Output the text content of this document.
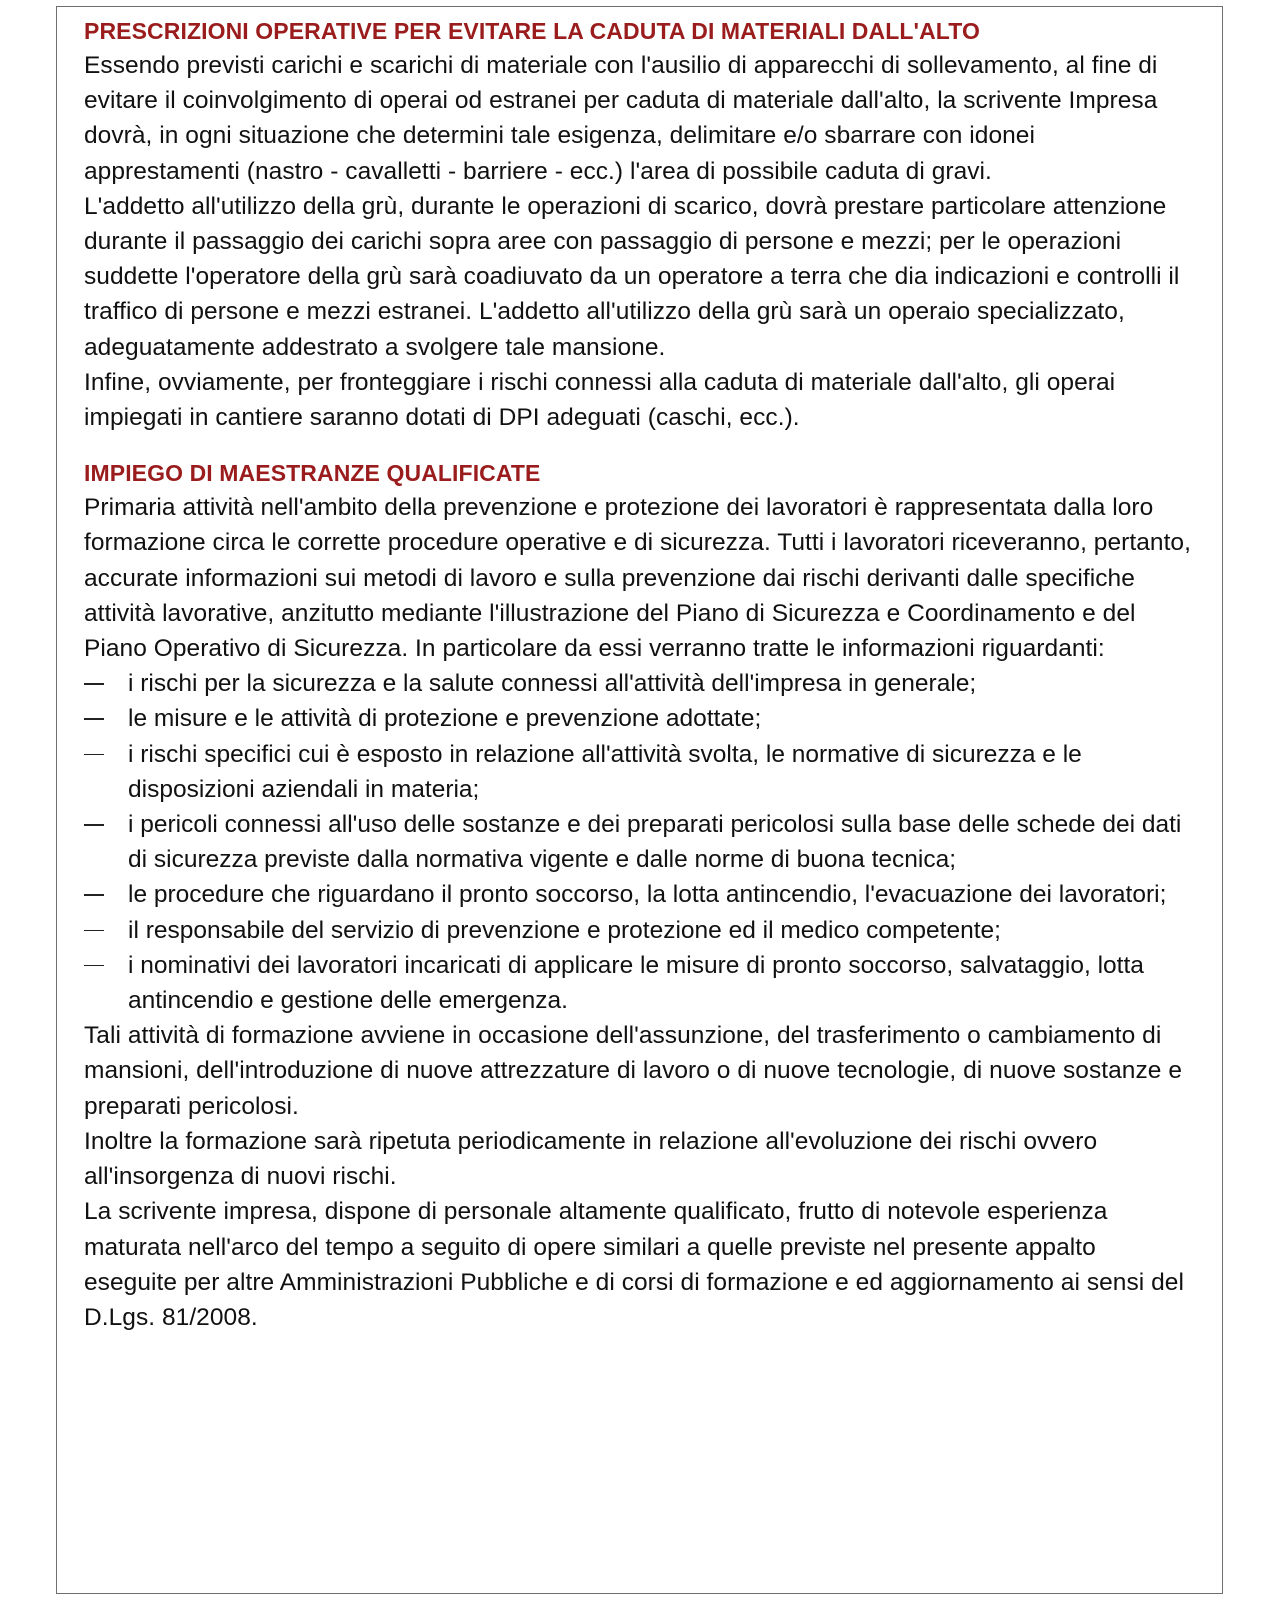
PRESCRIZIONI OPERATIVE PER EVITARE LA CADUTA DI MATERIALI DALL'ALTO

Essendo previsti carichi e scarichi di materiale con l'ausilio di apparecchi di sollevamento, al fine di evitare il coinvolgimento di operai od estranei per caduta di materiale dall'alto, la scrivente Impresa dovrà, in ogni situazione che determini tale esigenza, delimitare e/o sbarrare con idonei apprestamenti (nastro - cavalletti - barriere - ecc.) l'area di possibile caduta di gravi.

L'addetto all'utilizzo della grù, durante le operazioni di scarico, dovrà prestare particolare attenzione durante il passaggio dei carichi sopra aree con passaggio di persone e mezzi; per le operazioni suddette l'operatore della grù sarà coadiuvato da un operatore a terra che dia indicazioni e controlli il traffico di persone e mezzi estranei. L'addetto all'utilizzo della grù sarà un operaio specializzato, adeguatamente addestrato a svolgere tale mansione.

Infine, ovviamente, per fronteggiare i rischi connessi alla caduta di materiale dall'alto, gli operai impiegati in cantiere saranno dotati di DPI adeguati (caschi, ecc.).

IMPIEGO DI MAESTRANZE QUALIFICATE

Primaria attività nell'ambito della prevenzione e protezione dei lavoratori è rappresentata dalla loro formazione circa le corrette procedure operative e di sicurezza. Tutti i lavoratori riceveranno, pertanto, accurate informazioni sui metodi di lavoro e sulla prevenzione dai rischi derivanti dalle specifiche attività lavorative, anzitutto mediante l'illustrazione del Piano di Sicurezza e Coordinamento e del Piano Operativo di Sicurezza. In particolare da essi verranno tratte le informazioni riguardanti:

i rischi per la sicurezza e la salute connessi all'attività dell'impresa in generale;
le misure e le attività di protezione e prevenzione adottate;
i rischi specifici cui è esposto in relazione all'attività svolta, le normative di sicurezza e le disposizioni aziendali in materia;
i pericoli connessi all'uso delle sostanze e dei preparati pericolosi sulla base delle schede dei dati di sicurezza previste dalla normativa vigente e dalle norme di buona tecnica;
le procedure che riguardano il pronto soccorso, la lotta antincendio, l'evacuazione dei lavoratori;
il responsabile del servizio di prevenzione e protezione ed il medico competente;
i nominativi dei lavoratori incaricati di applicare le misure di pronto soccorso, salvataggio, lotta antincendio e gestione delle emergenza.

Tali attività di formazione avviene in occasione dell'assunzione, del trasferimento o cambiamento di mansioni, dell'introduzione di nuove attrezzature di lavoro o di nuove tecnologie, di nuove sostanze e preparati pericolosi.

Inoltre la formazione sarà ripetuta periodicamente in relazione all'evoluzione dei rischi ovvero all'insorgenza di nuovi rischi.

La scrivente impresa, dispone di personale altamente qualificato, frutto di notevole esperienza maturata nell'arco del tempo a seguito di opere similari a quelle previste nel presente appalto eseguite per altre Amministrazioni Pubbliche e di corsi di formazione e ed aggiornamento ai sensi del D.Lgs. 81/2008.
